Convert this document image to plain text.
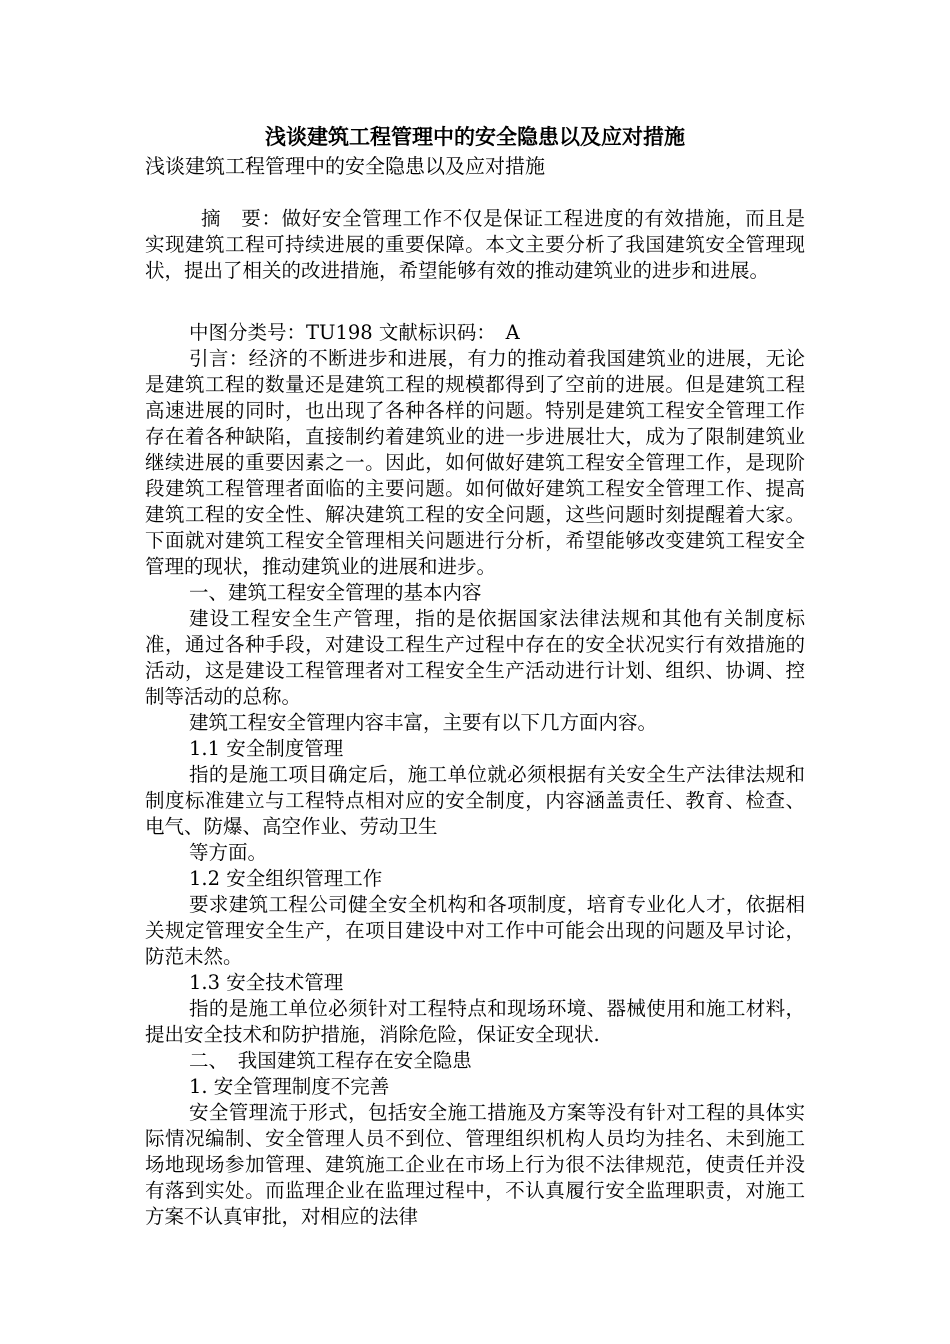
浅谈建筑工程管理中的安全隐患以及应对措施

浅谈建筑工程管理中的安全隐患以及应对措施

摘　要：做好安全管理工作不仅是保证工程进度的有效措施，而且是实现建筑工程可持续进展的重要保障。本文主要分析了我国建筑安全管理现状，提出了相关的改进措施，希望能够有效的推动建筑业的进步和进展。

中图分类号：TU198 文献标识码：　A

引言：经济的不断进步和进展，有力的推动着我国建筑业的进展，无论是建筑工程的数量还是建筑工程的规模都得到了空前的进展。但是建筑工程高速进展的同时，也出现了各种各样的问题。特别是建筑工程安全管理工作存在着各种缺陷，直接制约着建筑业的进一步进展壮大，成为了限制建筑业继续进展的重要因素之一。因此，如何做好建筑工程安全管理工作，是现阶段建筑工程管理者面临的主要问题。如何做好建筑工程安全管理工作、提高建筑工程的安全性、解决建筑工程的安全问题，这些问题时刻提醒着大家。下面就对建筑工程安全管理相关问题进行分析，希望能够改变建筑工程安全管理的现状，推动建筑业的进展和进步。

一、建筑工程安全管理的基本内容

建设工程安全生产管理，指的是依据国家法律法规和其他有关制度标准，通过各种手段，对建设工程生产过程中存在的安全状况实行有效措施的活动，这是建设工程管理者对工程安全生产活动进行计划、组织、协调、控制等活动的总称。

建筑工程安全管理内容丰富，主要有以下几方面内容。

1.1 安全制度管理

指的是施工项目确定后，施工单位就必须根据有关安全生产法律法规和制度标准建立与工程特点相对应的安全制度，内容涵盖责任、教育、检查、电气、防爆、高空作业、劳动卫生

等方面。

1.2 安全组织管理工作

要求建筑工程公司健全安全机构和各项制度，培育专业化人才，依据相关规定管理安全生产，在项目建设中对工作中可能会出现的问题及早讨论，防范未然。

1.3 安全技术管理

指的是施工单位必须针对工程特点和现场环境、器械使用和施工材料，提出安全技术和防护措施，消除危险，保证安全现状.

二、　我国建筑工程存在安全隐患

1. 安全管理制度不完善

安全管理流于形式，包括安全施工措施及方案等没有针对工程的具体实际情况编制、安全管理人员不到位、管理组织机构人员均为挂名、未到施工场地现场参加管理、建筑施工企业在市场上行为很不法律规范，使责任并没有落到实处。而监理企业在监理过程中，不认真履行安全监理职责，对施工方案不认真审批，对相应的法律
